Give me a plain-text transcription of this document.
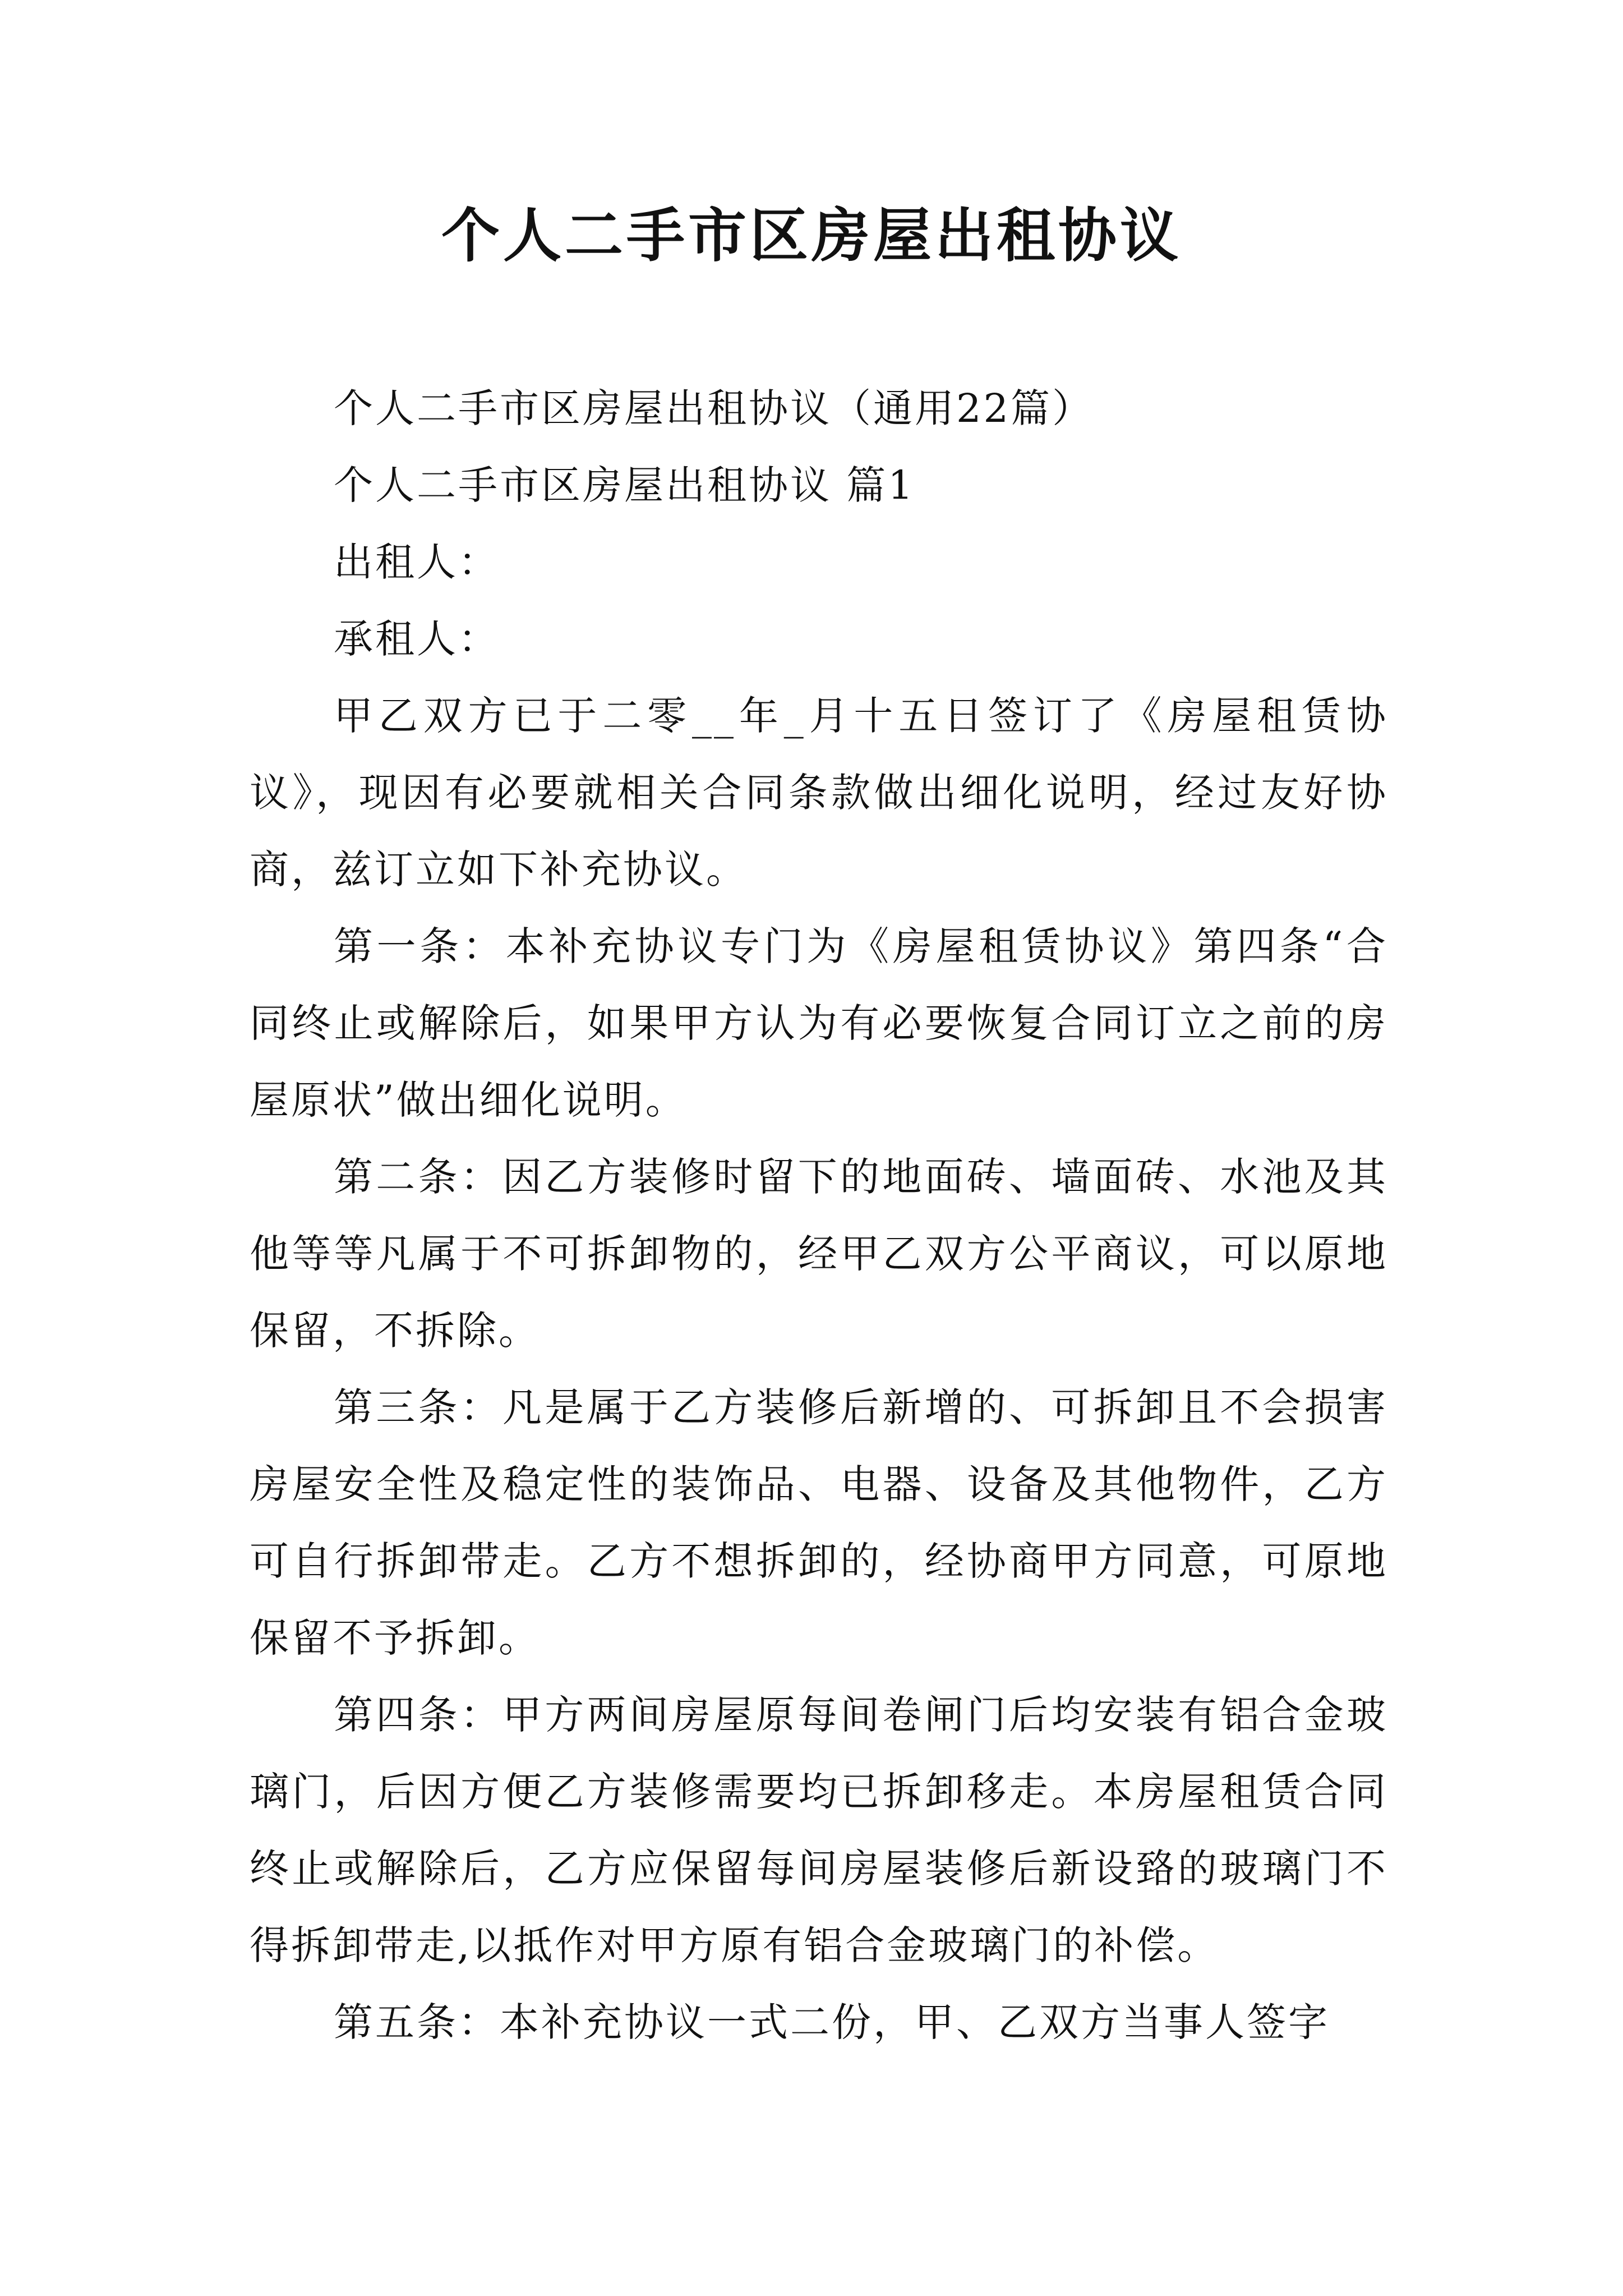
个人二手市区房屋出租协议

个人二手市区房屋出租协议（通用22篇）

个人二手市区房屋出租协议 篇1

出租人：

承租人：

甲乙双方已于二零__年_月十五日签订了《房屋租赁协议》，现因有必要就相关合同条款做出细化说明，经过友好协商，兹订立如下补充协议。

第一条：本补充协议专门为《房屋租赁协议》第四条“合同终止或解除后，如果甲方认为有必要恢复合同订立之前的房屋原状”做出细化说明。

第二条：因乙方装修时留下的地面砖、墙面砖、水池及其他等等凡属于不可拆卸物的，经甲乙双方公平商议，可以原地保留，不拆除。

第三条：凡是属于乙方装修后新增的、可拆卸且不会损害房屋安全性及稳定性的装饰品、电器、设备及其他物件，乙方可自行拆卸带走。乙方不想拆卸的，经协商甲方同意，可原地保留不予拆卸。

第四条：甲方两间房屋原每间卷闸门后均安装有铝合金玻璃门，后因方便乙方装修需要均已拆卸移走。本房屋租赁合同终止或解除后，乙方应保留每间房屋装修后新设臵的玻璃门不得拆卸带走,以抵作对甲方原有铝合金玻璃门的补偿。

第五条：本补充协议一式二份，甲、乙双方当事人签字
